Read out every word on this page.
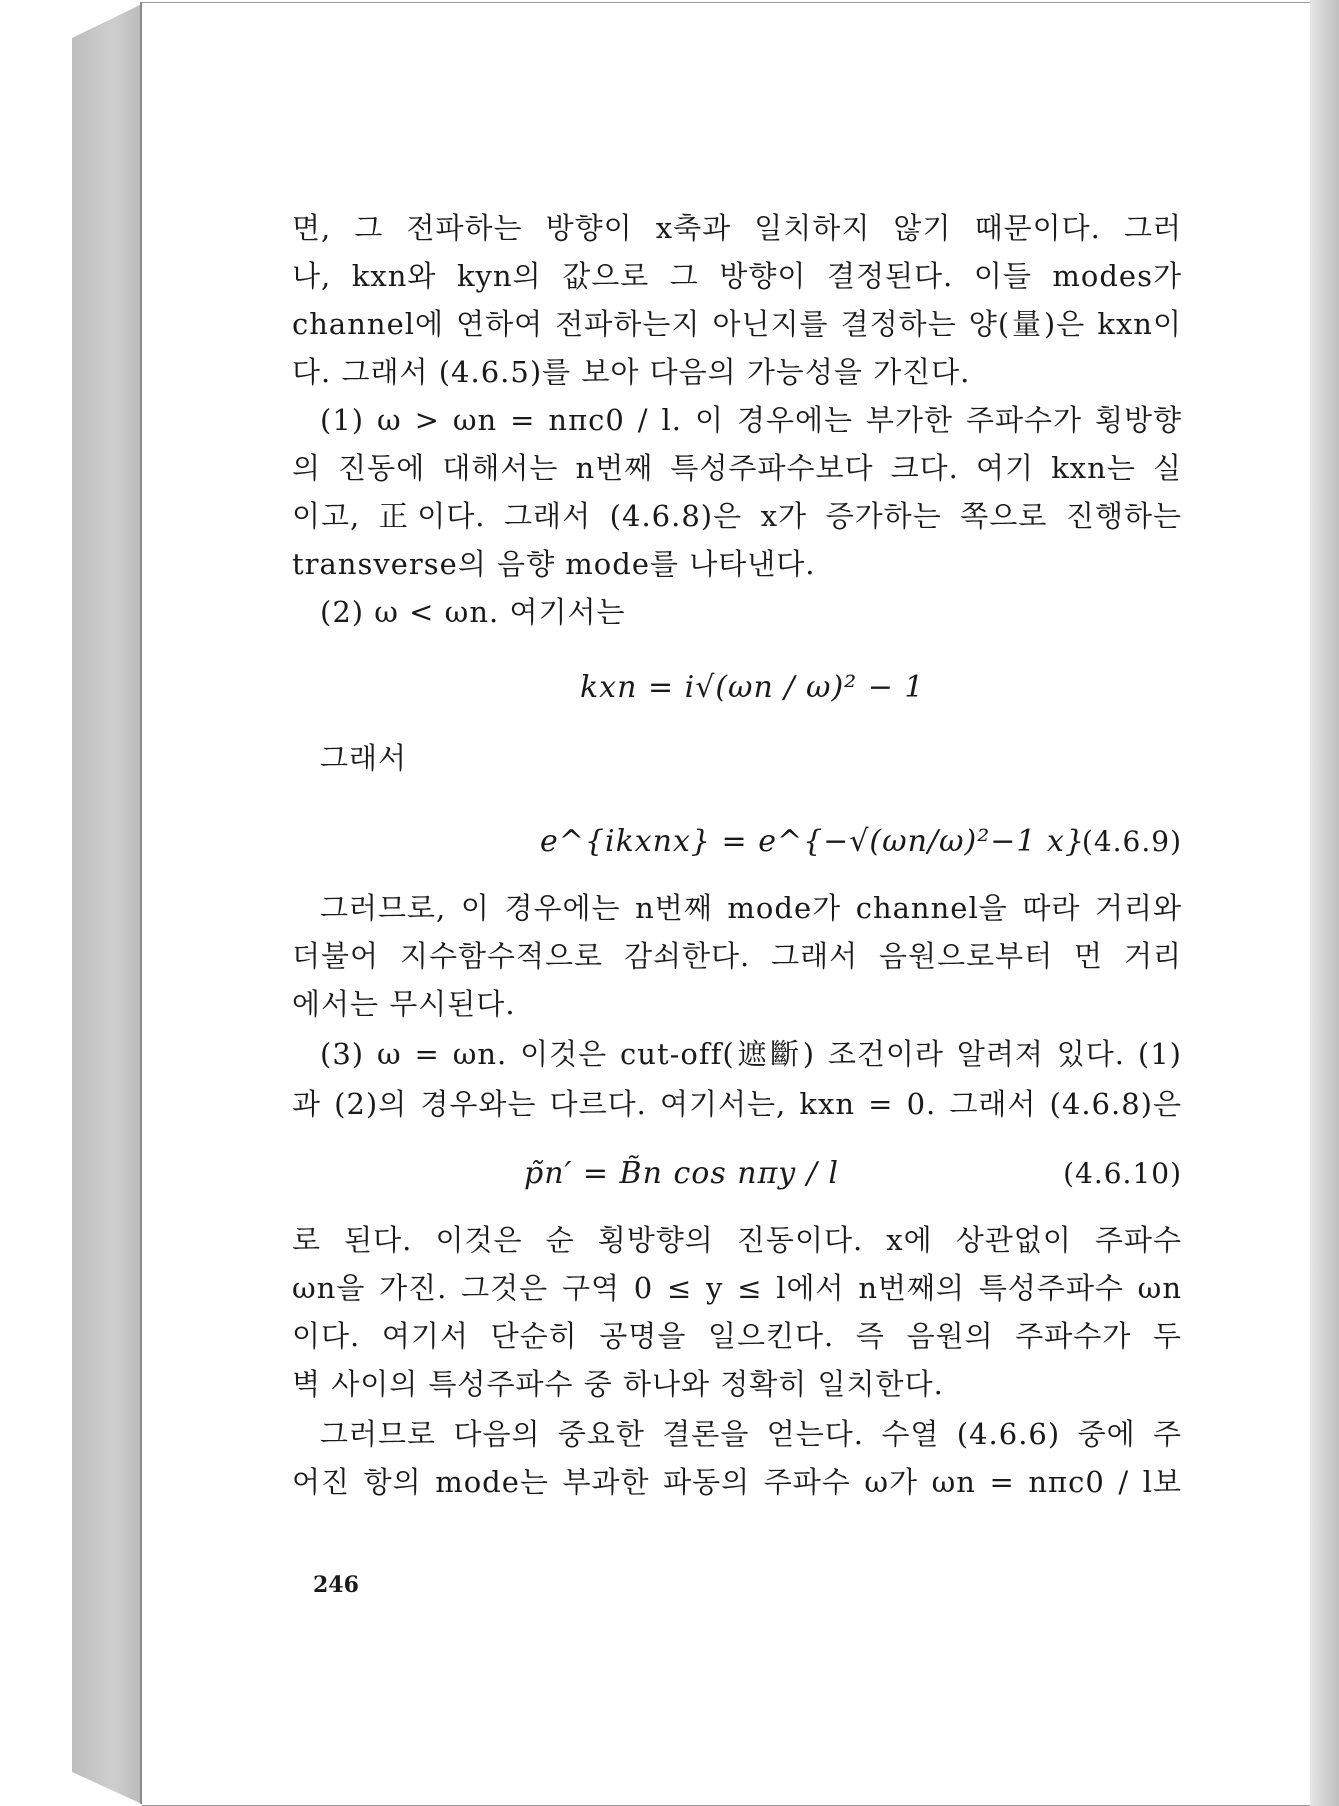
면, 그 전파하는 방향이 x축과 일치하지 않기 때문이다. 그러
나, kxn와 kyn의 값으로 그 방향이 결정된다. 이들 modes가
channel에 연하여 전파하는지 아닌지를 결정하는 양(量)은 kxn이
다. 그래서 (4.6.5)를 보아 다음의 가능성을 가진다.
(1) ω > ωn = nπc0 / l. 이 경우에는 부가한 주파수가 횡방향
의 진동에 대해서는 n번째 특성주파수보다 크다. 여기 kxn는 실
이고, 正이다. 그래서 (4.6.8)은 x가 증가하는 쪽으로 진행하는
transverse의 음향 mode를 나타낸다.
(2) ω < ωn. 여기서는
kxn = i√(ωn / ω)² − 1
그래서
e^{ikxnx} = e^{−√(ωn/ω)²−1 x}
(4.6.9)
그러므로, 이 경우에는 n번째 mode가 channel을 따라 거리와
더불어 지수함수적으로 감쇠한다. 그래서 음원으로부터 먼 거리
에서는 무시된다.
(3) ω = ωn. 이것은 cut-off(遮斷) 조건이라 알려져 있다. (1)
과 (2)의 경우와는 다르다. 여기서는, kxn = 0. 그래서 (4.6.8)은
p̃n′ = B̃n cos nπy / l	(4.6.10)
로 된다. 이것은 순 횡방향의 진동이다. x에 상관없이 주파수
ωn을 가진. 그것은 구역 0 ≤ y ≤ l에서 n번째의 특성주파수 ωn
이다. 여기서 단순히 공명을 일으킨다. 즉 음원의 주파수가 두
벽 사이의 특성주파수 중 하나와 정확히 일치한다.
그러므로 다음의 중요한 결론을 얻는다. 수열 (4.6.6) 중에 주
어진 항의 mode는 부과한 파동의 주파수 ω가 ωn = nπc0 / l보
246
